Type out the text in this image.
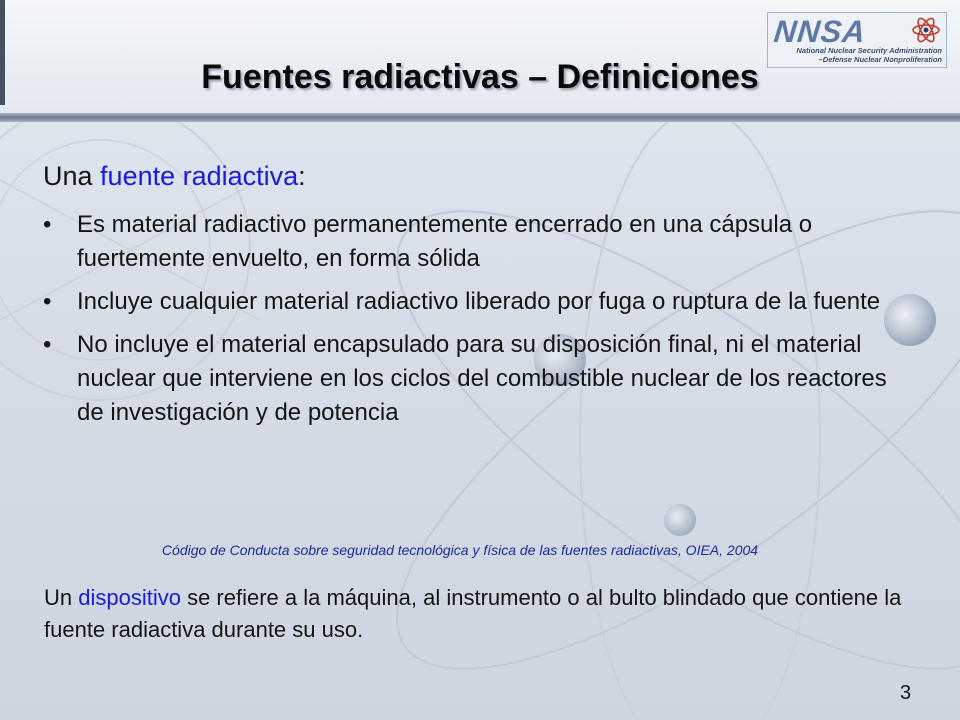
NNSA
National Nuclear Security Administration
–Defense Nuclear Nonproliferation
Fuentes radiactivas – Definiciones

Una fuente radiactiva:

• Es material radiactivo permanentemente encerrado en una cápsula o fuertemente envuelto, en forma sólida
• Incluye cualquier material radiactivo liberado por fuga o ruptura de la fuente
• No incluye el material encapsulado para su disposición final, ni el material nuclear que interviene en los ciclos del combustible nuclear de los reactores de investigación y de potencia

Código de Conducta sobre seguridad tecnológica y física de las fuentes radiactivas, OIEA, 2004

Un dispositivo se refiere a la máquina, al instrumento o al bulto blindado que contiene la fuente radiactiva durante su uso.

3
